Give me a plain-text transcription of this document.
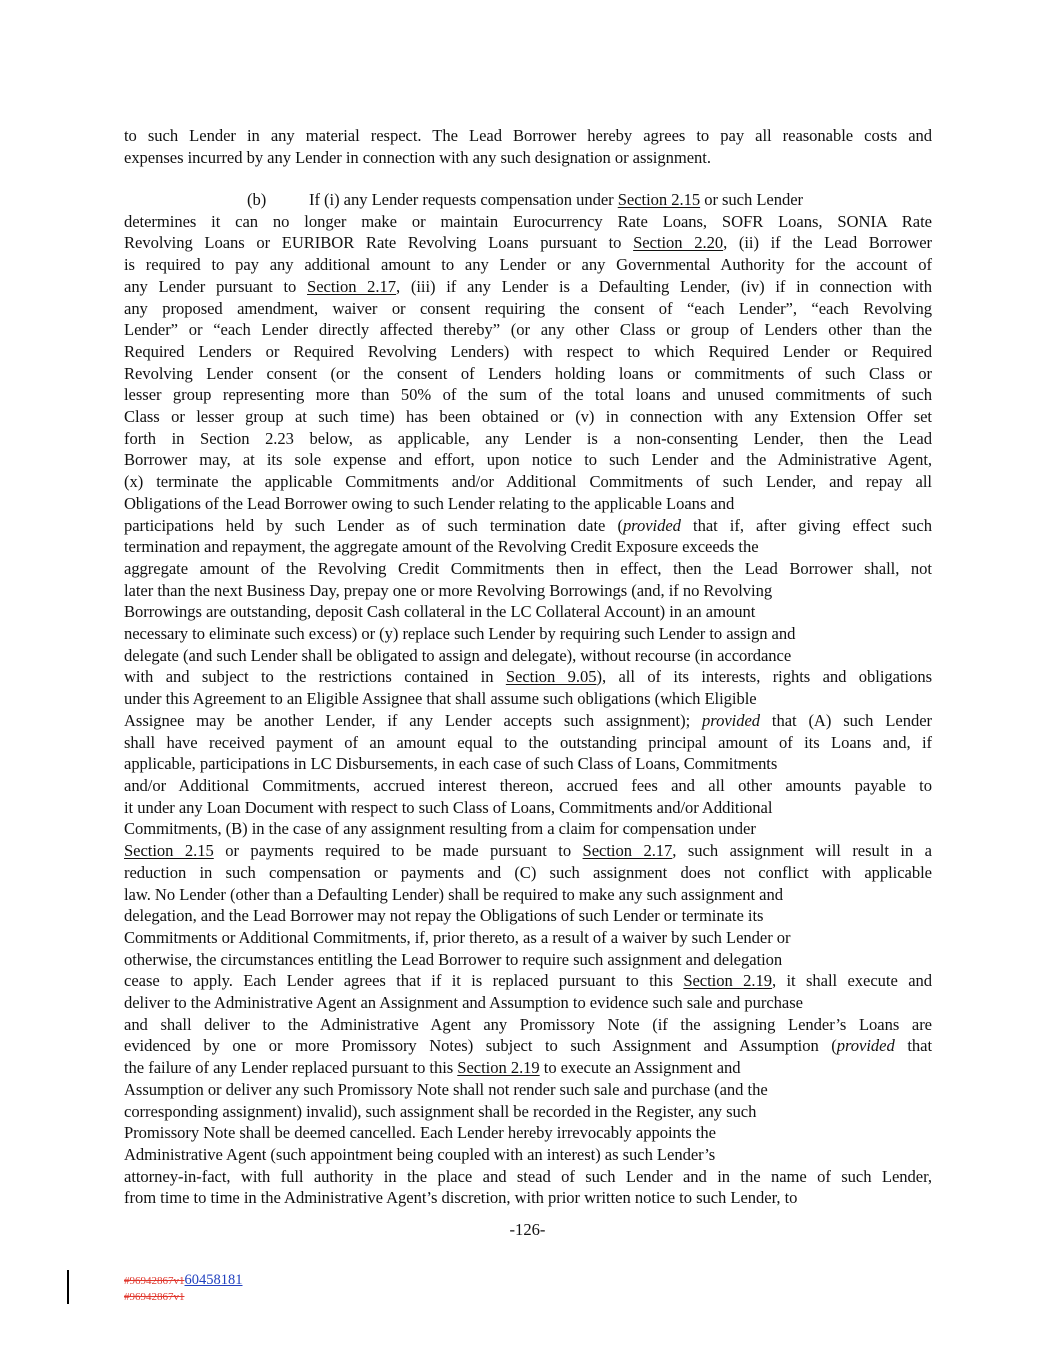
to such Lender in any material respect. The Lead Borrower hereby agrees to pay all reasonable costs and
expenses incurred by any Lender in connection with any such designation or assignment.
(b)	If (i) any Lender requests compensation under Section 2.15 or such Lender
determines it can no longer make or maintain Eurocurrency Rate Loans, SOFR Loans, SONIA Rate
Revolving Loans or EURIBOR Rate Revolving Loans pursuant to Section 2.20, (ii) if the Lead Borrower
is required to pay any additional amount to any Lender or any Governmental Authority for the account of
any Lender pursuant to Section 2.17, (iii) if any Lender is a Defaulting Lender, (iv) if in connection with
any proposed amendment, waiver or consent requiring the consent of “each Lender”, “each Revolving
Lender” or “each Lender directly affected thereby” (or any other Class or group of Lenders other than the
Required Lenders or Required Revolving Lenders) with respect to which Required Lender or Required
Revolving Lender consent (or the consent of Lenders holding loans or commitments of such Class or
lesser group representing more than 50% of the sum of the total loans and unused commitments of such
Class or lesser group at such time) has been obtained or (v) in connection with any Extension Offer set
forth in Section 2.23 below, as applicable, any Lender is a non-consenting Lender, then the Lead
Borrower may, at its sole expense and effort, upon notice to such Lender and the Administrative Agent,
(x) terminate the applicable Commitments and/or Additional Commitments of such Lender, and repay all
Obligations of the Lead Borrower owing to such Lender relating to the applicable Loans and
participations held by such Lender as of such termination date (provided that if, after giving effect such
termination and repayment, the aggregate amount of the Revolving Credit Exposure exceeds the
aggregate amount of the Revolving Credit Commitments then in effect, then the Lead Borrower shall, not
later than the next Business Day, prepay one or more Revolving Borrowings (and, if no Revolving
Borrowings are outstanding, deposit Cash collateral in the LC Collateral Account) in an amount
necessary to eliminate such excess) or (y) replace such Lender by requiring such Lender to assign and
delegate (and such Lender shall be obligated to assign and delegate), without recourse (in accordance
with and subject to the restrictions contained in Section 9.05), all of its interests, rights and obligations
under this Agreement to an Eligible Assignee that shall assume such obligations (which Eligible
Assignee may be another Lender, if any Lender accepts such assignment); provided that (A) such Lender
shall have received payment of an amount equal to the outstanding principal amount of its Loans and, if
applicable, participations in LC Disbursements, in each case of such Class of Loans, Commitments
and/or Additional Commitments, accrued interest thereon, accrued fees and all other amounts payable to
it under any Loan Document with respect to such Class of Loans, Commitments and/or Additional
Commitments, (B) in the case of any assignment resulting from a claim for compensation under
Section 2.15 or payments required to be made pursuant to Section 2.17, such assignment will result in a
reduction in such compensation or payments and (C) such assignment does not conflict with applicable
law. No Lender (other than a Defaulting Lender) shall be required to make any such assignment and
delegation, and the Lead Borrower may not repay the Obligations of such Lender or terminate its
Commitments or Additional Commitments, if, prior thereto, as a result of a waiver by such Lender or
otherwise, the circumstances entitling the Lead Borrower to require such assignment and delegation
cease to apply. Each Lender agrees that if it is replaced pursuant to this Section 2.19, it shall execute and
deliver to the Administrative Agent an Assignment and Assumption to evidence such sale and purchase
and shall deliver to the Administrative Agent any Promissory Note (if the assigning Lender’s Loans are
evidenced by one or more Promissory Notes) subject to such Assignment and Assumption (provided that
the failure of any Lender replaced pursuant to this Section 2.19 to execute an Assignment and
Assumption or deliver any such Promissory Note shall not render such sale and purchase (and the
corresponding assignment) invalid), such assignment shall be recorded in the Register, any such
Promissory Note shall be deemed cancelled. Each Lender hereby irrevocably appoints the
Administrative Agent (such appointment being coupled with an interest) as such Lender’s
attorney-in-fact, with full authority in the place and stead of such Lender and in the name of such Lender,
from time to time in the Administrative Agent’s discretion, with prior written notice to such Lender, to
-126-
#96942867v160458181
#96942867v1
